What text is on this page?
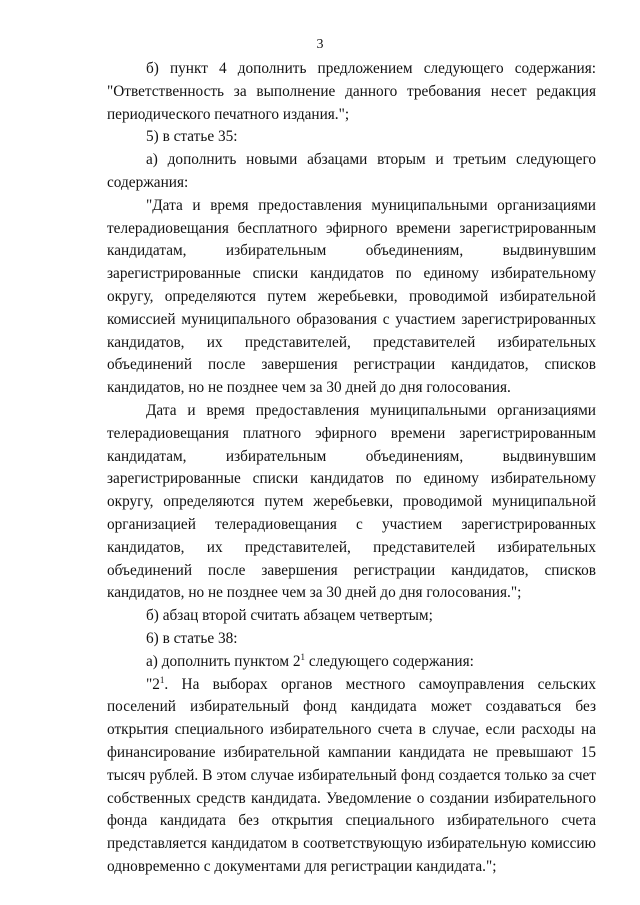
3

б) пункт 4 дополнить предложением следующего содержания: "Ответственность за выполнение данного требования несет редакция периодического печатного издания.";

5) в статье 35:

а) дополнить новыми абзацами вторым и третьим следующего содержания:

"Дата и время предоставления муниципальными организациями телерадиовещания бесплатного эфирного времени зарегистрированным кандидатам, избирательным объединениям, выдвинувшим зарегистрированные списки кандидатов по единому избирательному округу, определяются путем жеребьевки, проводимой избирательной комиссией муниципального образования с участием зарегистрированных кандидатов, их представителей, представителей избирательных объединений после завершения регистрации кандидатов, списков кандидатов, но не позднее чем за 30 дней до дня голосования.

Дата и время предоставления муниципальными организациями телерадиовещания платного эфирного времени зарегистрированным кандидатам, избирательным объединениям, выдвинувшим зарегистрированные списки кандидатов по единому избирательному округу, определяются путем жеребьевки, проводимой муниципальной организацией телерадиовещания с участием зарегистрированных кандидатов, их представителей, представителей избирательных объединений после завершения регистрации кандидатов, списков кандидатов, но не позднее чем за 30 дней до дня голосования.";

б) абзац второй считать абзацем четвертым;

6) в статье 38:

а) дополнить пунктом $2^1$ следующего содержания:

"$2^1$. На выборах органов местного самоуправления сельских поселений избирательный фонд кандидата может создаваться без открытия специального избирательного счета в случае, если расходы на финансирование избирательной кампании кандидата не превышают 15 тысяч рублей. В этом случае избирательный фонд создается только за счет собственных средств кандидата. Уведомление о создании избирательного фонда кандидата без открытия специального избирательного счета представляется кандидатом в соответствующую избирательную комиссию одновременно с документами для регистрации кандидата.";
